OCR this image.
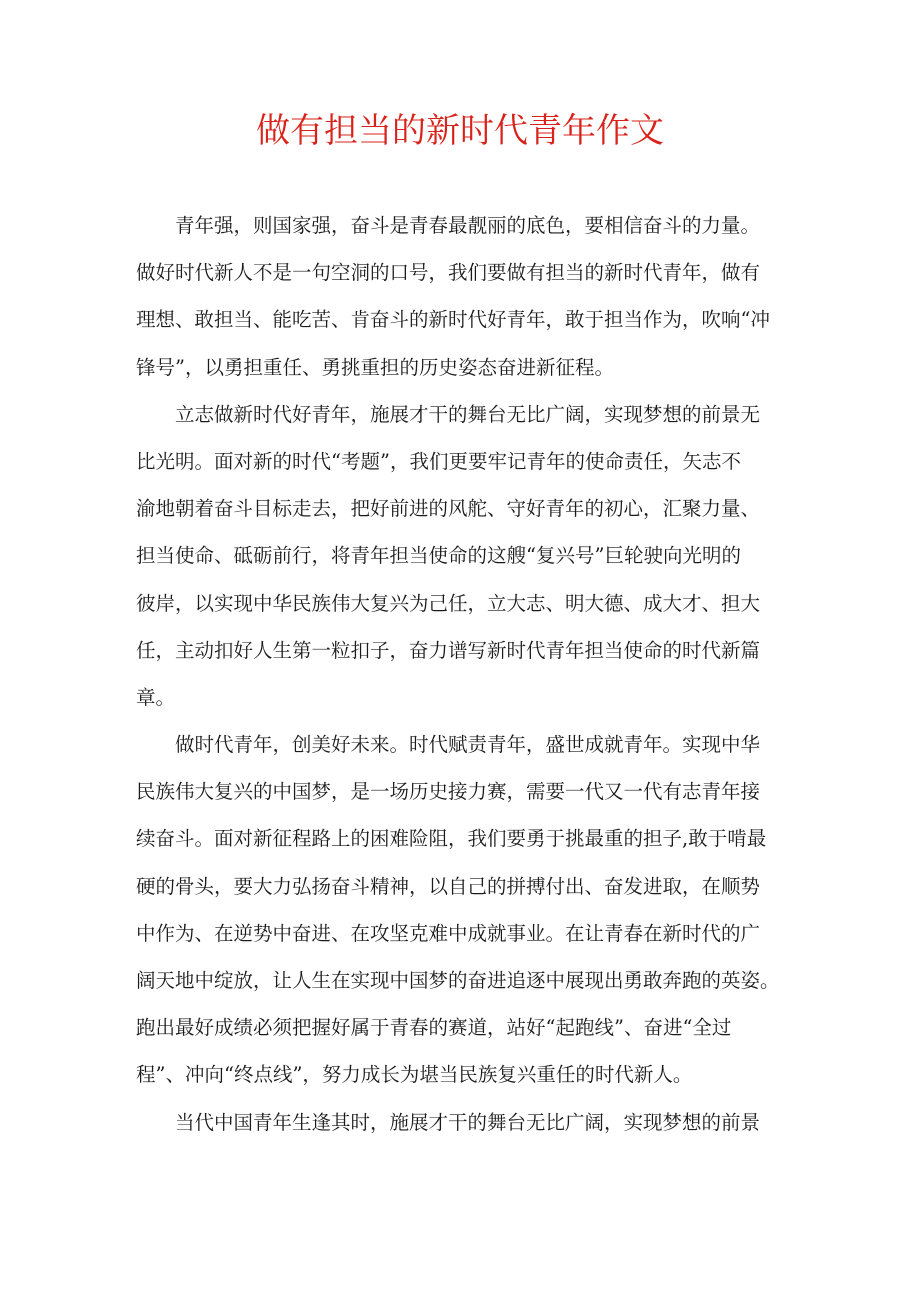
做有担当的新时代青年作文
青年强，则国家强，奋斗是青春最靓丽的底色，要相信奋斗的力量。
做好时代新人不是一句空洞的口号，我们要做有担当的新时代青年，做有
理想、敢担当、能吃苦、肯奋斗的新时代好青年，敢于担当作为，吹响“冲
锋号”，以勇担重任、勇挑重担的历史姿态奋进新征程。
立志做新时代好青年，施展才干的舞台无比广阔，实现梦想的前景无
比光明。面对新的时代“考题”，我们更要牢记青年的使命责任，矢志不
渝地朝着奋斗目标走去，把好前进的风舵、守好青年的初心，汇聚力量、
担当使命、砥砺前行，将青年担当使命的这艘“复兴号”巨轮驶向光明的
彼岸，以实现中华民族伟大复兴为己任，立大志、明大德、成大才、担大
任，主动扣好人生第一粒扣子，奋力谱写新时代青年担当使命的时代新篇
章。
做时代青年，创美好未来。时代赋责青年，盛世成就青年。实现中华
民族伟大复兴的中国梦，是一场历史接力赛，需要一代又一代有志青年接
续奋斗。面对新征程路上的困难险阻，我们要勇于挑最重的担子,敢于啃最
硬的骨头，要大力弘扬奋斗精神，以自己的拼搏付出、奋发进取，在顺势
中作为、在逆势中奋进、在攻坚克难中成就事业。在让青春在新时代的广
阔天地中绽放，让人生在实现中国梦的奋进追逐中展现出勇敢奔跑的英姿。
跑出最好成绩必须把握好属于青春的赛道，站好“起跑线”、奋进“全过
程”、冲向“终点线”，努力成长为堪当民族复兴重任的时代新人。
当代中国青年生逢其时，施展才干的舞台无比广阔，实现梦想的前景
